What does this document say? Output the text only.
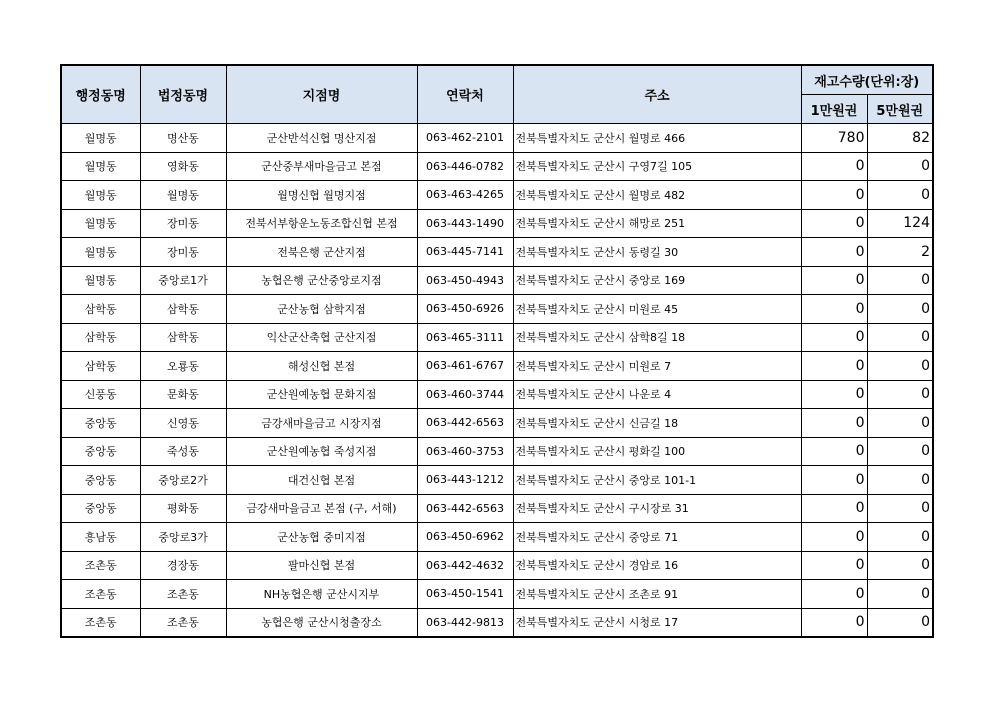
행정동명	법정동명	지점명	연락처	주소	재고수량(단위:장)	
					1만원권	5만원권
월명동	명산동	군산반석신협 명산지점	063-462-2101	전북특별자치도 군산시 월명로 466	780	82
월명동	영화동	군산중부새마을금고 본점	063-446-0782	전북특별자치도 군산시 구영7길 105	0	0
월명동	월명동	월명신협 월명지점	063-463-4265	전북특별자치도 군산시 월명로 482	0	0
월명동	장미동	전북서부항운노동조합신협 본점	063-443-1490	전북특별자치도 군산시 해망로 251	0	124
월명동	장미동	전북은행 군산지점	063-445-7141	전북특별자치도 군산시 동령길 30	0	2
월명동	중앙로1가	농협은행 군산중앙로지점	063-450-4943	전북특별자치도 군산시 중앙로 169	0	0
삼학동	삼학동	군산농협 삼학지점	063-450-6926	전북특별자치도 군산시 미원로 45	0	0
삼학동	삼학동	익산군산축협 군산지점	063-465-3111	전북특별자치도 군산시 삼학8길 18	0	0
삼학동	오룡동	해성신협 본점	063-461-6767	전북특별자치도 군산시 미원로 7	0	0
신풍동	문화동	군산원예농협 문화지점	063-460-3744	전북특별자치도 군산시 나운로 4	0	0
중앙동	신영동	금강새마을금고 시장지점	063-442-6563	전북특별자치도 군산시 신금길 18	0	0
중앙동	죽성동	군산원예농협 죽성지점	063-460-3753	전북특별자치도 군산시 평화길 100	0	0
중앙동	중앙로2가	대건신협 본점	063-443-1212	전북특별자치도 군산시 중앙로 101-1	0	0
중앙동	평화동	금강새마을금고 본점 (구, 서해)	063-442-6563	전북특별자치도 군산시 구시장로 31	0	0
흥남동	중앙로3가	군산농협 중미지점	063-450-6962	전북특별자치도 군산시 중앙로 71	0	0
조촌동	경장동	팔마신협 본점	063-442-4632	전북특별자치도 군산시 경암로 16	0	0
조촌동	조촌동	NH농협은행 군산시지부	063-450-1541	전북특별자치도 군산시 조촌로 91	0	0
조촌동	조촌동	농협은행 군산시청출장소	063-442-9813	전북특별자치도 군산시 시청로 17	0	0
